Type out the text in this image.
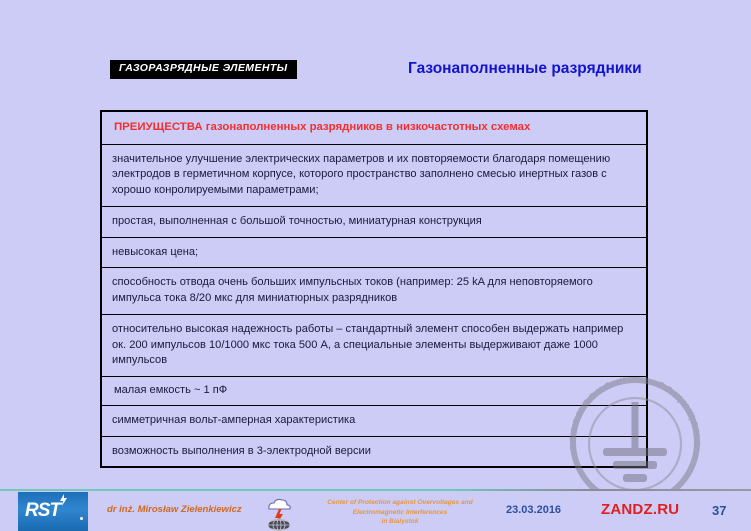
ГАЗОРАЗРЯДНЫЕ ЭЛЕМЕНТЫ	Газонаполненные разрядники
ПРЕИУЩЕСТВА газонаполненных разрядников в низкочастотных схемах

значительное улучшение электрических параметров и их повторяемости благодаря помещению электродов в герметичном корпусе, которого пространство заполнено смесью инертных газов с хорошо конролируемыми параметрами;

простая, выполненная с большой точностью, миниатурная конструкция

невысокая цена;

способность отвода очень больших импульсных токов (например: 25 kA для неповторяемого импульса тока 8/20 мкс для миниатюрных разрядников

относительно высокая надежность работы – стандартный элемент способен выдержать например ок. 200 импульсов 10/1000 мкс тока 500 А, а специальные элементы выдерживают даже 1000 импульсов

малая емкость ~ 1 пФ

симметричная вольт-амперная характеристика

возможность выполнения в 3-электродной версии	заземлено и защищено
RST	dr inż. Mirosław Zielenkiewicz
Center of Protection against Overvoltages and
Electromagnetic Interferences
in Bialystok
23.03.2016	ZANDZ.RU	37
